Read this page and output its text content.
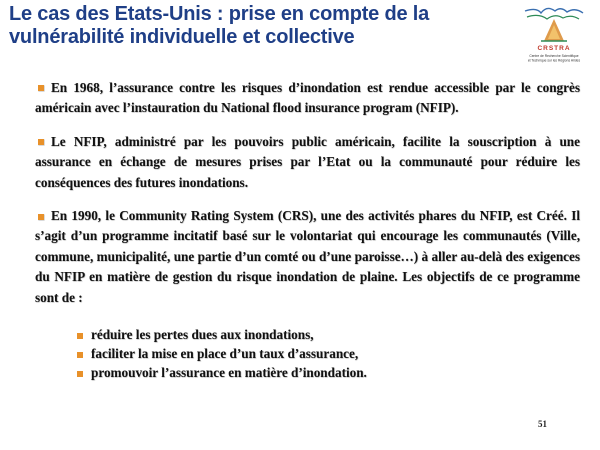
Le cas des Etats-Unis : prise en compte de la vulnérabilité individuelle et collective
CRSTRA
Centre de Recherche Scientifique
et Technique sur les Régions Arides

En 1968, l’assurance contre les risques d’inondation est rendue accessible par le congrès américain avec l’instauration du National flood insurance program (NFIP).

Le NFIP, administré par les pouvoirs public américain, facilite la souscription à une assurance en échange de mesures prises par l’Etat ou la communauté pour réduire les conséquences des futures inondations.

En 1990, le Community Rating System (CRS), une des activités phares du NFIP, est Créé. Il s’agit d’un programme incitatif basé sur le volontariat qui encourage les communautés (Ville, commune, municipalité, une partie d’un comté ou d’une paroisse…) à aller au-delà des exigences du NFIP en matière de gestion du risque inondation de plaine. Les objectifs de ce programme sont de :

réduire les pertes dues aux inondations,
faciliter la mise en place d’un taux d’assurance,
promouvoir l’assurance en matière d’inondation.
51
